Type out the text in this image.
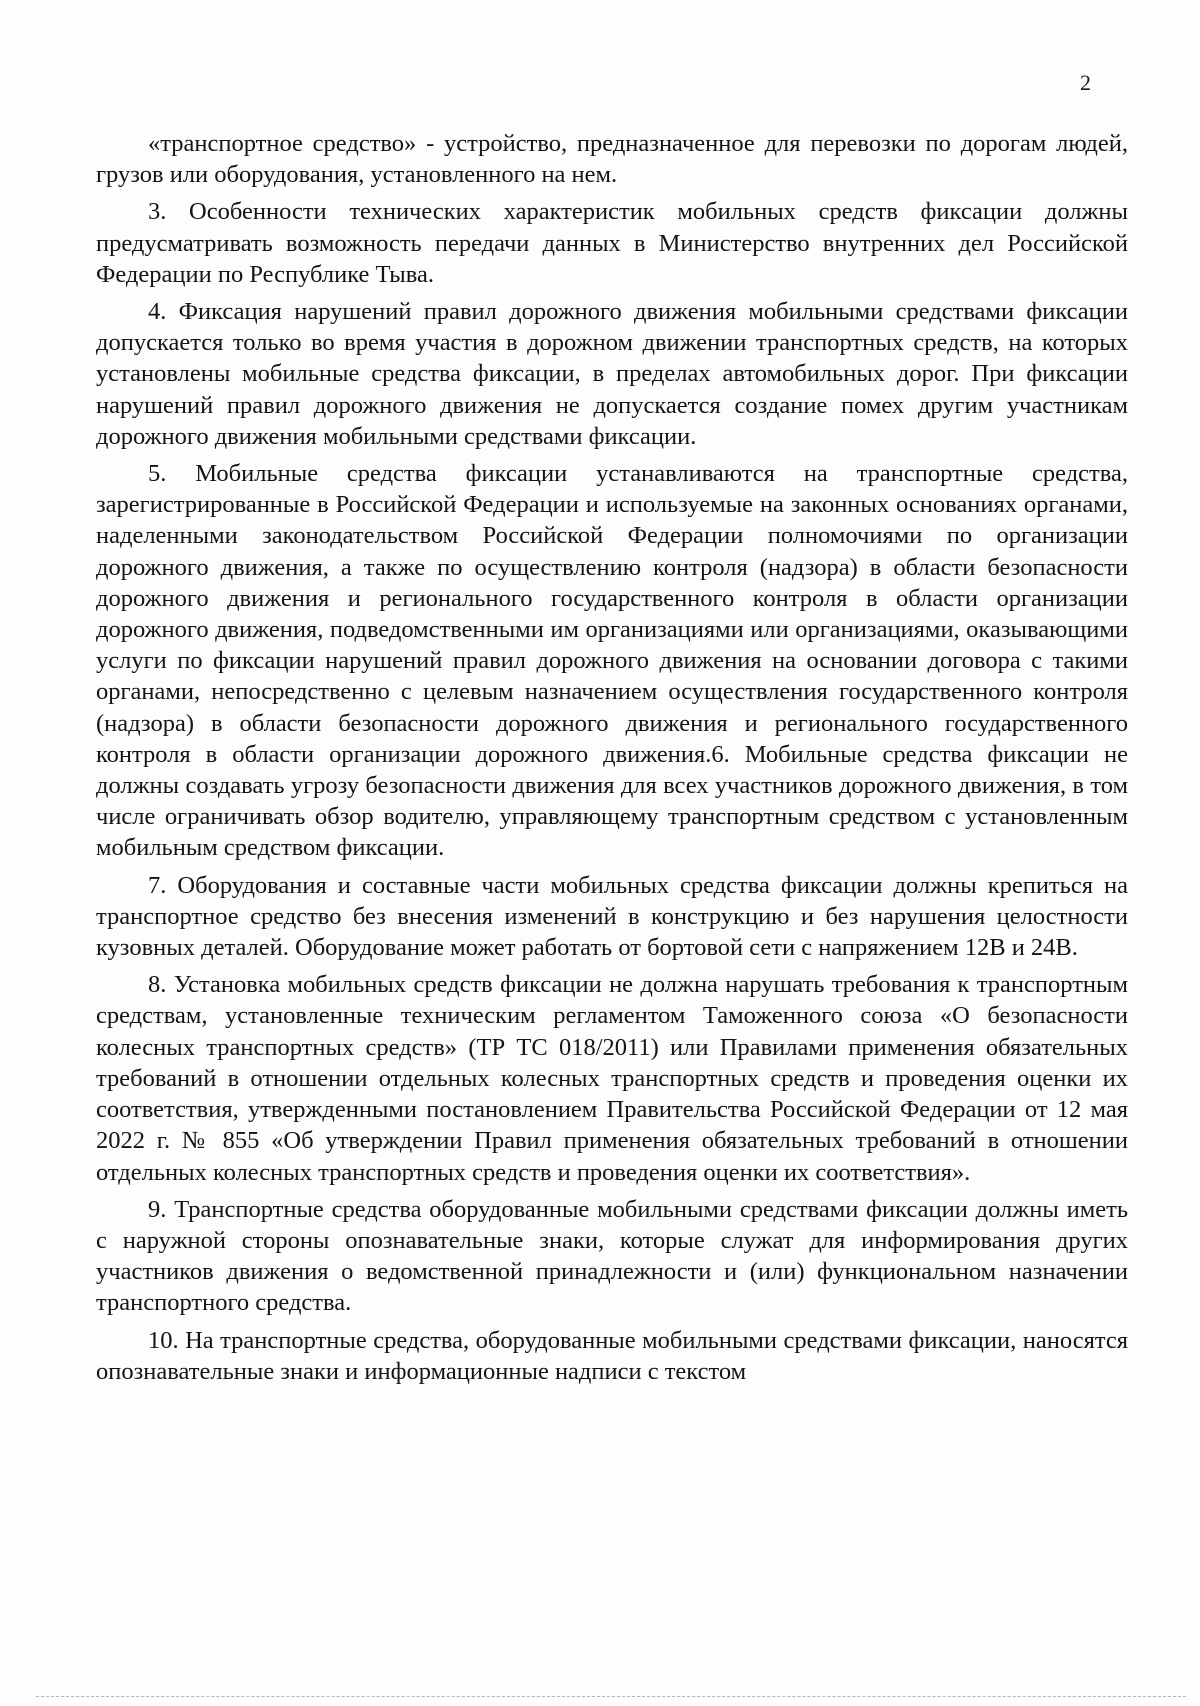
2

«транспортное средство» - устройство, предназначенное для перевозки по дорогам людей, грузов или оборудования, установленного на нем.

3. Особенности технических характеристик мобильных средств фиксации должны предусматривать возможность передачи данных в Министерство внутренних дел Российской Федерации по Республике Тыва.

4. Фиксация нарушений правил дорожного движения мобильными средствами фиксации допускается только во время участия в дорожном движении транспортных средств, на которых установлены мобильные средства фиксации, в пределах автомобильных дорог. При фиксации нарушений правил дорожного движения не допускается создание помех другим участникам дорожного движения мобильными средствами фиксации.

5. Мобильные средства фиксации устанавливаются на транспортные средства, зарегистрированные в Российской Федерации и используемые на законных основаниях органами, наделенными законодательством Российской Федерации полномочиями по организации дорожного движения, а также по осуществлению контроля (надзора) в области безопасности дорожного движения и регионального государственного контроля в области организации дорожного движения, подведомственными им организациями или организациями, оказывающими услуги по фиксации нарушений правил дорожного движения на основании договора с такими органами, непосредственно с целевым назначением осуществления государственного контроля (надзора) в области безопасности дорожного движения и регионального государственного контроля в области организации дорожного движения.6. Мобильные средства фиксации не должны создавать угрозу безопасности движения для всех участников дорожного движения, в том числе ограничивать обзор водителю, управляющему транспортным средством с установленным мобильным средством фиксации.

7. Оборудования и составные части мобильных средства фиксации должны крепиться на транспортное средство без внесения изменений в конструкцию и без нарушения целостности кузовных деталей. Оборудование может работать от бортовой сети с напряжением 12В и 24В.

8. Установка мобильных средств фиксации не должна нарушать требования к транспортным средствам, установленные техническим регламентом Таможенного союза «О безопасности колесных транспортных средств» (ТР ТС 018/2011) или Правилами применения обязательных требований в отношении отдельных колесных транспортных средств и проведения оценки их соответствия, утвержденными постановлением Правительства Российской Федерации от 12 мая 2022 г. № 855 «Об утверждении Правил применения обязательных требований в отношении отдельных колесных транспортных средств и проведения оценки их соответствия».

9. Транспортные средства оборудованные мобильными средствами фиксации должны иметь с наружной стороны опознавательные знаки, которые служат для информирования других участников движения о ведомственной принадлежности и (или) функциональном назначении транспортного средства.

10. На транспортные средства, оборудованные мобильными средствами фиксации, наносятся опознавательные знаки и информационные надписи с текстом
